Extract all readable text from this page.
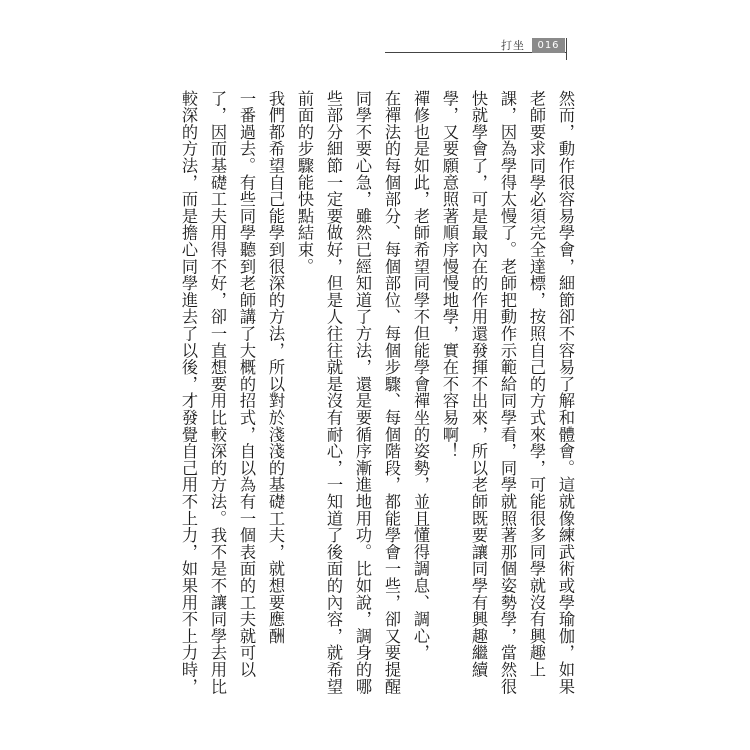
打坐	016
然而，動作很容易學會，細節卻不容易了解和體會。這就像練武術或學瑜伽，如果
老師要求同學必須完全達標，按照自己的方式來學，可能很多同學就沒有興趣上
課，因為學得太慢了。老師把動作示範給同學看，同學就照著那個姿勢學，當然很
快就學會了，可是最內在的作用還發揮不出來，所以老師既要讓同學有興趣繼續
學，又要願意照著順序慢慢地學，實在不容易啊！
禪修也是如此，老師希望同學不但能學會禪坐的姿勢，並且懂得調息、調心，
在禪法的每個部分、每個部位、每個步驟、每個階段，都能學會一些，卻又要提醒
同學不要心急，雖然已經知道了方法，還是要循序漸進地用功。比如說，調身的哪
些部分細節一定要做好，但是人往往就是沒有耐心，一知道了後面的內容，就希望
前面的步驟能快點結束。
我們都希望自己能學到很深的方法，所以對於淺淺的基礎工夫，就想要應酬
一番過去。有些同學聽到老師講了大概的招式，自以為有一個表面的工夫就可以
了，因而基礎工夫用得不好，卻一直想要用比較深的方法。我不是不讓同學去用比
較深的方法，而是擔心同學進去了以後，才發覺自己用不上力，如果用不上力時，
